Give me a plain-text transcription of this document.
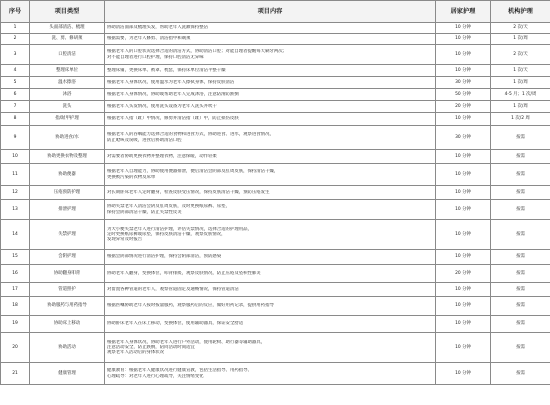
序号	项目类型	项目内容	居家护理	机构护理
1	头面部清洁、梳理	协助清洁面部及梳理头发，帮助老年人洗漱保持整洁	10 分钟	2 次/天
2	洗、剪、修胡须	根据需要，为老年人修剪、清洁指甲和剃须	10 分钟	1 次/周
3	口腔清洁	根据老年人的口腔状况选择合适的清洁方式，协助清洁口腔；对能自理者提醒每天刷牙两次；
对不能自理者进行口腔护理，保持口腔清洁无异味	10 分钟	2 次/天
4	整理床单位	整理床铺，更换床单、被罩、枕套，保持床单位清洁平整干燥	10 分钟	1 次/天
5	温水擦浴	根据老年人身体状况，使用温水为老年人擦拭身体，保持皮肤清洁	30 分钟	1 次/周
6	沐浴	根据老年人身体情况，协助或帮助老年人完成沐浴，注意防滑防跌倒	50 分钟	4-5 月；1 次/周
7	洗头	根据老年人头发情况，使用洗头设备为老年人洗头并吹干	20 分钟	1 次/周
8	指/趾甲护理	根据老年人指（趾）甲情况，修剪并清洁指（趾）甲，防止损伤皮肤	10 分钟	1 次/2 周
9	协助进食/水	根据老年人的吞咽能力选择合适的食物和进食方式，协助进食、进水，观察进食情况，
防止呛咳及误吸，进食后协助清洁口腔	30 分钟	按需
10	协助更换衣物及整理	对需要者协助更换衣物并整理衣物，注意保暖，动作轻柔	10 分钟	按需
11	协助便器	根据老年人自理能力，协助使用便器排泄，便后清洁会阴部及肛周皮肤，保持清洁干燥，
更换被污染的衣物及床单	10 分钟	按需
12	压疮预防护理	对长期卧床老年人定时翻身，检查皮肤受压情况，保持皮肤清洁干燥，预防压疮发生	10 分钟	按需
13	排泄护理	协助失禁老年人清洁会阴及肛周皮肤，及时更换纸尿裤、尿垫，
保持会阴部清洁干燥，防止失禁性皮炎	10 分钟	按需
14	失禁护理	为大小便失禁老年人进行清洁护理，评估失禁情况，选择合适的护理用品，
定时更换纸尿裤或尿垫，保持皮肤清洁干燥，观察皮肤情况，
发现异常及时报告	10 分钟	按需
15	会阴护理	根据会阴部情况进行清洁护理，保持会阴部清洁，预防感染	10 分钟	按需
16	协助翻身叩背	协助老年人翻身，变换体位，叩背排痰，观察皮肤情况，防止压疮及坠积性肺炎	20 分钟	按需
17	管道照护	对留置各种管道的老年人，观察管道固定及通畅情况，保持管道清洁	10 分钟	按需
18	协助服药与用药指导	根据医嘱协助老年人按时按量服药，观察服药后的反应，做好用药记录，提供用药指导	10 分钟	按需
19	协助床上移动	协助卧床老年人在床上移动，变换体位，使用辅助器具，保证安全舒适	10 分钟	按需
20	协助活动	根据老年人身体状况，协助老年人进行户外活动，使用轮椅、助行器等辅助器具，
注意活动安全，防止跌倒，陪同活动时间适宜
观察老年人活动后的身体状况	10 分钟	按需
21	健康管理	健康教育：根据老年人健康状况进行健康宣教，包括生活指导、用药指导、
心理疏导：对老年人进行心理疏导，关注情绪变化	10 分钟	按需
